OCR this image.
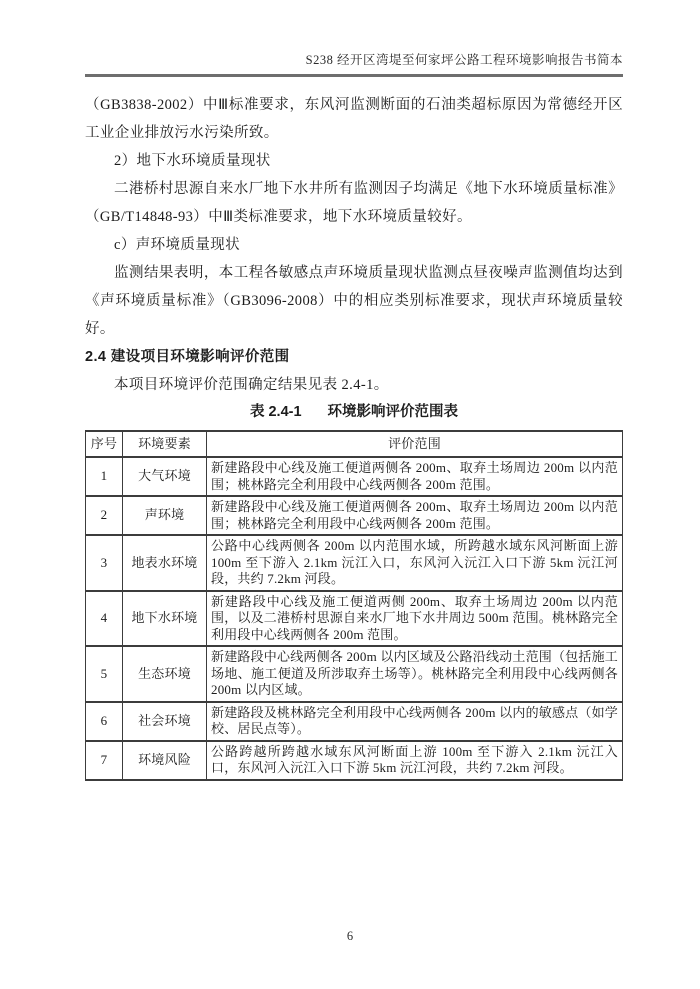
S238 经开区湾堤至何家坪公路工程环境影响报告书简本

（GB3838-2002）中Ⅲ标准要求，东风河监测断面的石油类超标原因为常德经开区工业企业排放污水污染所致。

2）地下水环境质量现状

二港桥村思源自来水厂地下水井所有监测因子均满足《地下水环境质量标准》（GB/T14848-93）中Ⅲ类标准要求，地下水环境质量较好。

c）声环境质量现状

监测结果表明，本工程各敏感点声环境质量现状监测点昼夜噪声监测值均达到《声环境质量标准》（GB3096-2008）中的相应类别标准要求，现状声环境质量较好。

2.4 建设项目环境影响评价范围

本项目环境评价范围确定结果见表 2.4-1。

表 2.4-1 环境影响评价范围表
序号	环境要素	评价范围
1	大气环境	新建路段中心线及施工便道两侧各 200m、取弃土场周边 200m 以内范围；桃林路完全利用段中心线两侧各 200m 范围。
2	声环境	新建路段中心线及施工便道两侧各 200m、取弃土场周边 200m 以内范围；桃林路完全利用段中心线两侧各 200m 范围。
3	地表水环境	公路中心线两侧各 200m 以内范围水域，所跨越水域东风河断面上游 100m 至下游入 2.1km 沅江入口，东风河入沅江入口下游 5km 沅江河段，共约 7.2km 河段。
4	地下水环境	新建路段中心线及施工便道两侧 200m、取弃土场周边 200m 以内范围，以及二港桥村思源自来水厂地下水井周边 500m 范围。桃林路完全利用段中心线两侧各 200m 范围。
5	生态环境	新建路段中心线两侧各 200m 以内区域及公路沿线动土范围（包括施工场地、施工便道及所涉取弃土场等）。桃林路完全利用段中心线两侧各 200m 以内区域。
6	社会环境	新建路段及桃林路完全利用段中心线两侧各 200m 以内的敏感点（如学校、居民点等）。
7	环境风险	公路跨越所跨越水域东风河断面上游 100m 至下游入 2.1km 沅江入口，东风河入沅江入口下游 5km 沅江河段，共约 7.2km 河段。
6
